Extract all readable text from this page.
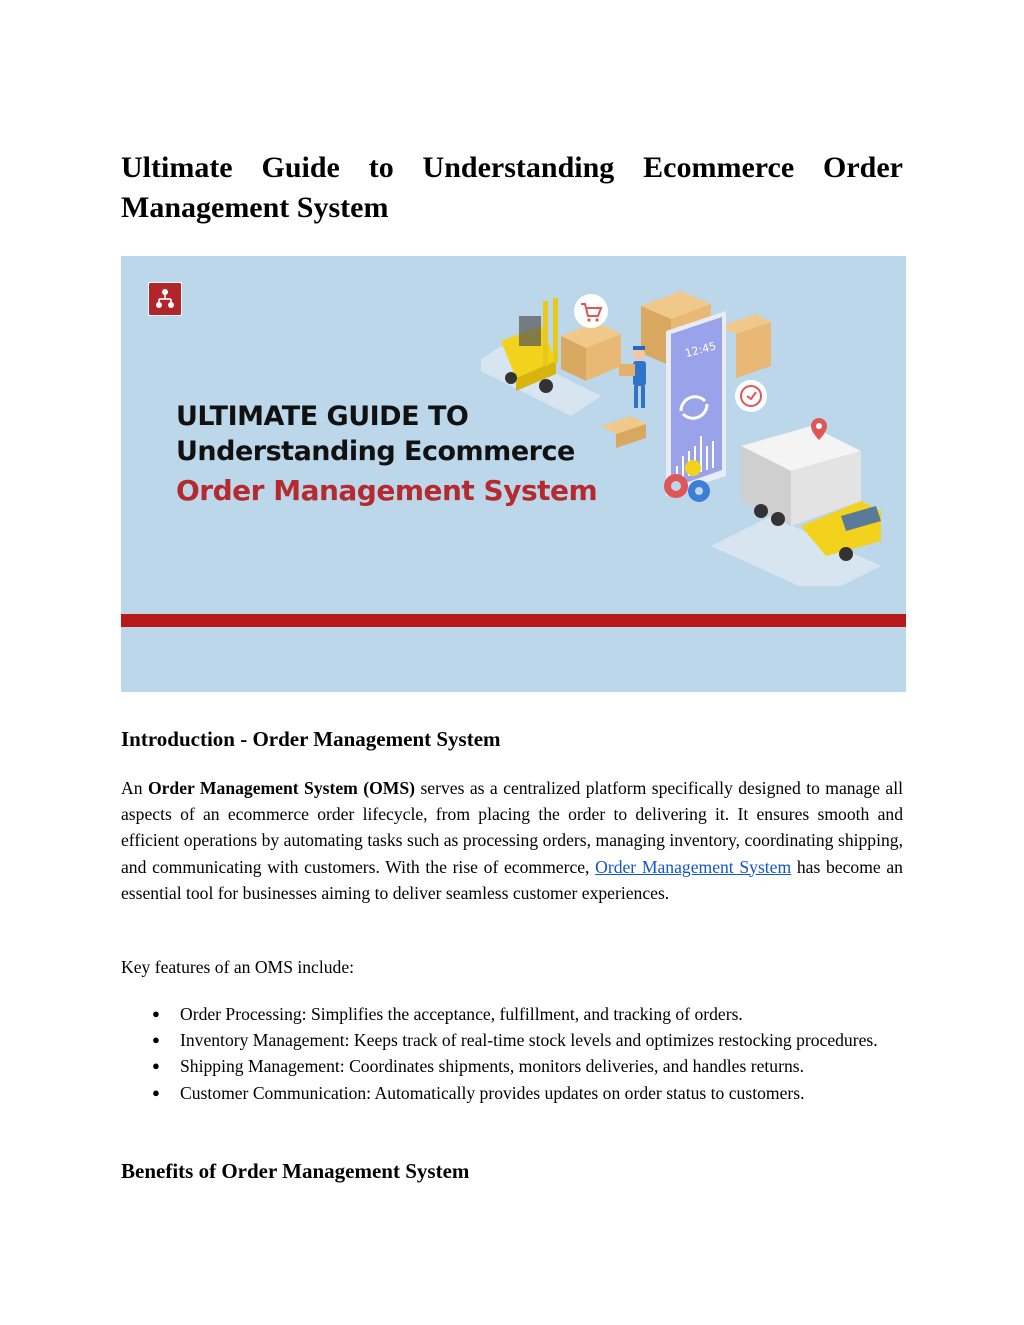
Ultimate Guide to Understanding Ecommerce Order
Management System
ULTIMATE GUIDE TO
Understanding Ecommerce
Order Management System
12:45
Introduction - Order Management System

An Order Management System (OMS) serves as a centralized platform specifically designed to manage all aspects of an ecommerce order lifecycle, from placing the order to delivering it. It ensures smooth and efficient operations by automating tasks such as processing orders, managing inventory, coordinating shipping, and communicating with customers. With the rise of ecommerce, Order Management System has become an essential tool for businesses aiming to deliver seamless customer experiences.

Key features of an OMS include:

● Order Processing: Simplifies the acceptance, fulfillment, and tracking of orders.
● Inventory Management: Keeps track of real-time stock levels and optimizes restocking procedures.
● Shipping Management: Coordinates shipments, monitors deliveries, and handles returns.
● Customer Communication: Automatically provides updates on order status to customers.
Benefits of Order Management System
